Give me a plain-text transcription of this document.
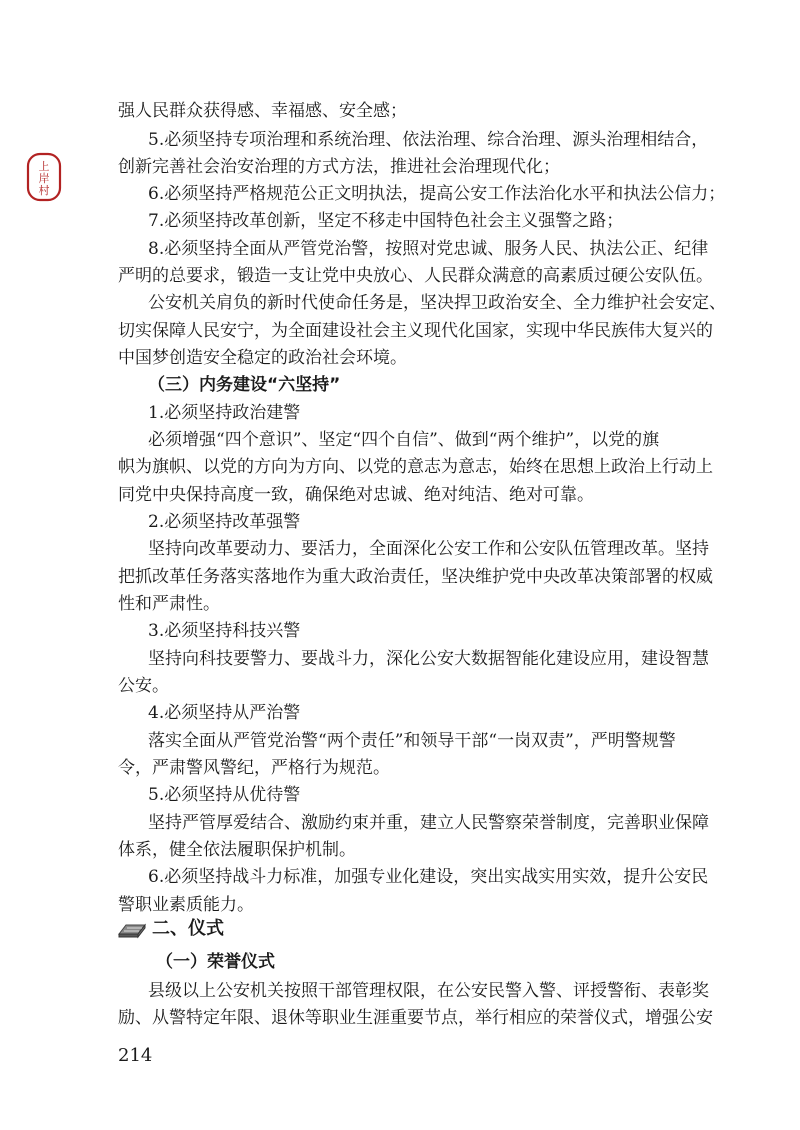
上
岸
村
强人民群众获得感、幸福感、安全感；
5.必须坚持专项治理和系统治理、依法治理、综合治理、源头治理相结合，
创新完善社会治安治理的方式方法，推进社会治理现代化；
6.必须坚持严格规范公正文明执法，提高公安工作法治化水平和执法公信力；
7.必须坚持改革创新，坚定不移走中国特色社会主义强警之路；
8.必须坚持全面从严管党治警，按照对党忠诚、服务人民、执法公正、纪律
严明的总要求，锻造一支让党中央放心、人民群众满意的高素质过硬公安队伍。
公安机关肩负的新时代使命任务是，坚决捍卫政治安全、全力维护社会安定、
切实保障人民安宁，为全面建设社会主义现代化国家，实现中华民族伟大复兴的
中国梦创造安全稳定的政治社会环境。
（三）内务建设“六坚持”
1.必须坚持政治建警
必须增强“四个意识”、坚定“四个自信”、做到“两个维护”，以党的旗
帜为旗帜、以党的方向为方向、以党的意志为意志，始终在思想上政治上行动上
同党中央保持高度一致，确保绝对忠诚、绝对纯洁、绝对可靠。
2.必须坚持改革强警
坚持向改革要动力、要活力，全面深化公安工作和公安队伍管理改革。坚持
把抓改革任务落实落地作为重大政治责任，坚决维护党中央改革决策部署的权威
性和严肃性。
3.必须坚持科技兴警
坚持向科技要警力、要战斗力，深化公安大数据智能化建设应用，建设智慧
公安。
4.必须坚持从严治警
落实全面从严管党治警“两个责任”和领导干部“一岗双责”，严明警规警
令，严肃警风警纪，严格行为规范。
5.必须坚持从优待警
坚持严管厚爱结合、激励约束并重，建立人民警察荣誉制度，完善职业保障
体系，健全依法履职保护机制。
6.必须坚持战斗力标准，加强专业化建设，突出实战实用实效，提升公安民
警职业素质能力。
二、仪式
（一）荣誉仪式
县级以上公安机关按照干部管理权限，在公安民警入警、评授警衔、表彰奖
励、从警特定年限、退休等职业生涯重要节点，举行相应的荣誉仪式，增强公安
214
